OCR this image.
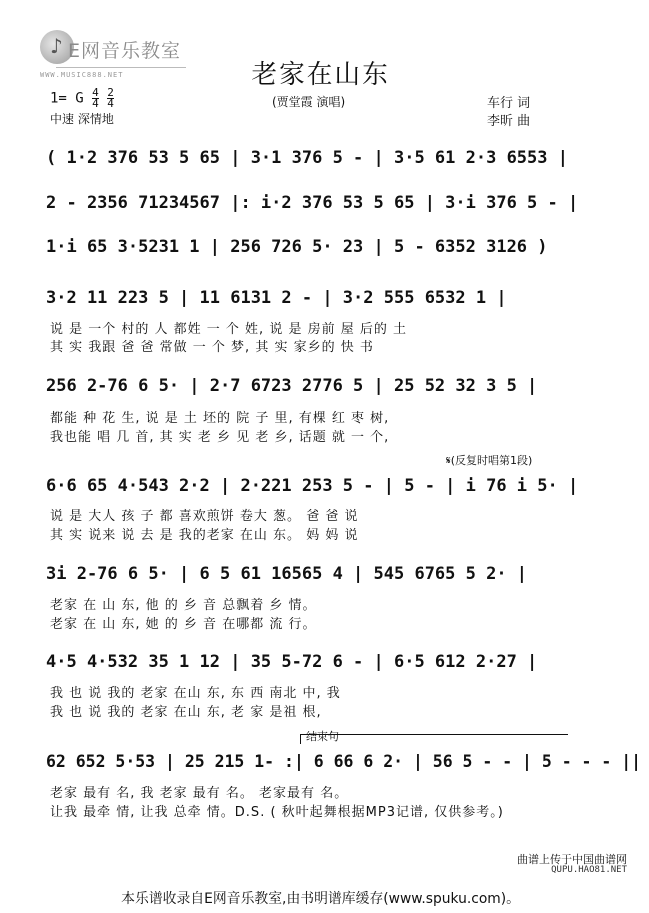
♪ E网音乐教室
WWW.MUSIC888.NET	老家在山东
(贾堂霞 演唱)	车行 词
李昕 曲
1= G $\frac{4}{4}$
$\frac{2}{4}$
中速 深情地
( 1·2 376 53 5 65 | 3·1 376 5 - | 3·5 61 2·3 6553 |
2 - 2356 71234567 |: i·2 376 53 5 65 | 3·i 376 5 - |
1·i 65 3·5231 1 | 256 726 5· 23 | 5 - 6352 3126 )
3·2 11 223 5 | 11 6131 2 - | 3·2 555 6532 1 |
说 是 一个 村的 人 都姓 一 个 姓, 说 是 房前 屋 后的 土
其 实 我跟 爸 爸 常做 一 个 梦, 其 实 家乡的 快 书
256 2-76 6 5· | 2·7 6723 2776 5 | 25 52 32 3 5 |
都能 种 花 生, 说 是 土 坯的 院 子 里, 有棵 红 枣 树,
我也能 唱 几 首, 其 实 老 乡 见 老 乡, 话题 就 一 个,
𝄋(反复时唱第1段)
6·6 65 4·543 2·2 | 2·221 253 5 - | 5 - | i 76 i 5· |
说 是 大人 孩 子 都 喜欢煎饼 卷大 葱。 爸 爸 说
其 实 说来 说 去 是 我的老家 在山 东。 妈 妈 说
3i 2-76 6 5· | 6 5 61 16565 4 | 545 6765 5 2· |
老家 在 山 东, 他 的 乡 音 总飘着 乡 情。
老家 在 山 东, 她 的 乡 音 在哪都 流 行。
4·5 4·532 35 1 12 | 35 5-72 6 - | 6·5 612 2·27 |
我 也 说 我的 老家 在山 东, 东 西 南北 中, 我
我 也 说 我的 老家 在山 东, 老 家 是祖 根,
结束句
62 652 5·53 | 25 215 1- :| 6 66 6 2· | 56 5 - - | 5 - - - ||
老家 最有 名, 我 老家 最有 名。 老家最有 名。
让我 最牵 情, 让我 总牵 情。D.S. ( 秋叶起舞根据MP3记谱, 仅供参考。)
曲谱上传于中国曲谱网
QUPU.HAO81.NET
本乐谱收录自E网音乐教室,由书明谱库缓存(www.spuku.com)。
